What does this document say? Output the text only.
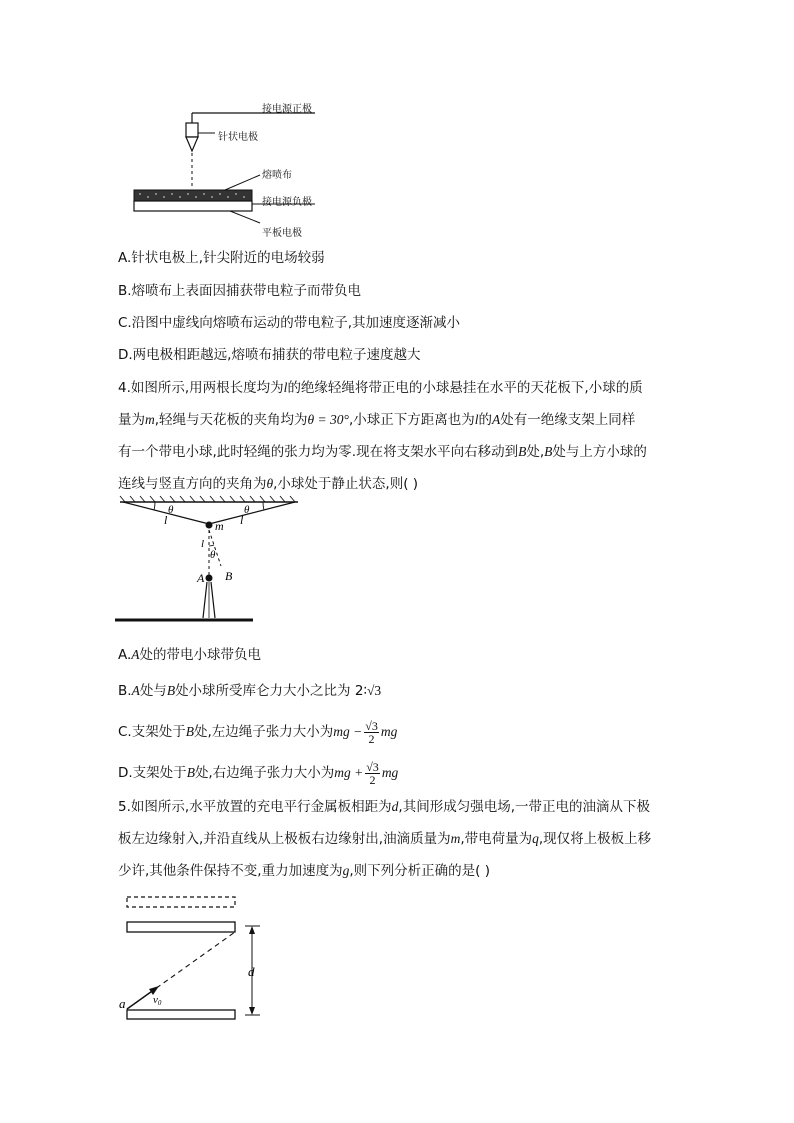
接电源正极
针状电极
熔喷布
接电源负极
平板电极
A.针状电极上,针尖附近的电场较弱
B.熔喷布上表面因捕获带电粒子而带负电
C.沿图中虚线向熔喷布运动的带电粒子,其加速度逐渐减小
D.两电极相距越远,熔喷布捕获的带电粒子速度越大
4.如图所示,用两根长度均为l的绝缘轻绳将带正电的小球悬挂在水平的天花板下,小球的质
量为m,轻绳与天花板的夹角均为θ = 30°,小球正下方距离也为l的A处有一绝缘支架上同样
有一个带电小球,此时轻绳的张力均为零.现在将支架水平向右移动到B处,B处与上方小球的
连线与竖直方向的夹角为θ,小球处于静止状态,则( )
θ	θ
l	l
m
l
θ
A B
A.A处的带电小球带负电
B.A处与B处小球所受库仑力大小之比为 2∶√3
C.支架处于B处,左边绳子张力大小为mg − $\frac{√3}{2}$ mg
D.支架处于B处,右边绳子张力大小为mg + $\frac{√3}{2}$ mg
5.如图所示,水平放置的充电平行金属板相距为d,其间形成匀强电场,一带正电的油滴从下极
板左边缘射入,并沿直线从上极板右边缘射出,油滴质量为m,带电荷量为q,现仅将上极板上移
少许,其他条件保持不变,重力加速度为g,则下列分析正确的是( )
d
a	v0
